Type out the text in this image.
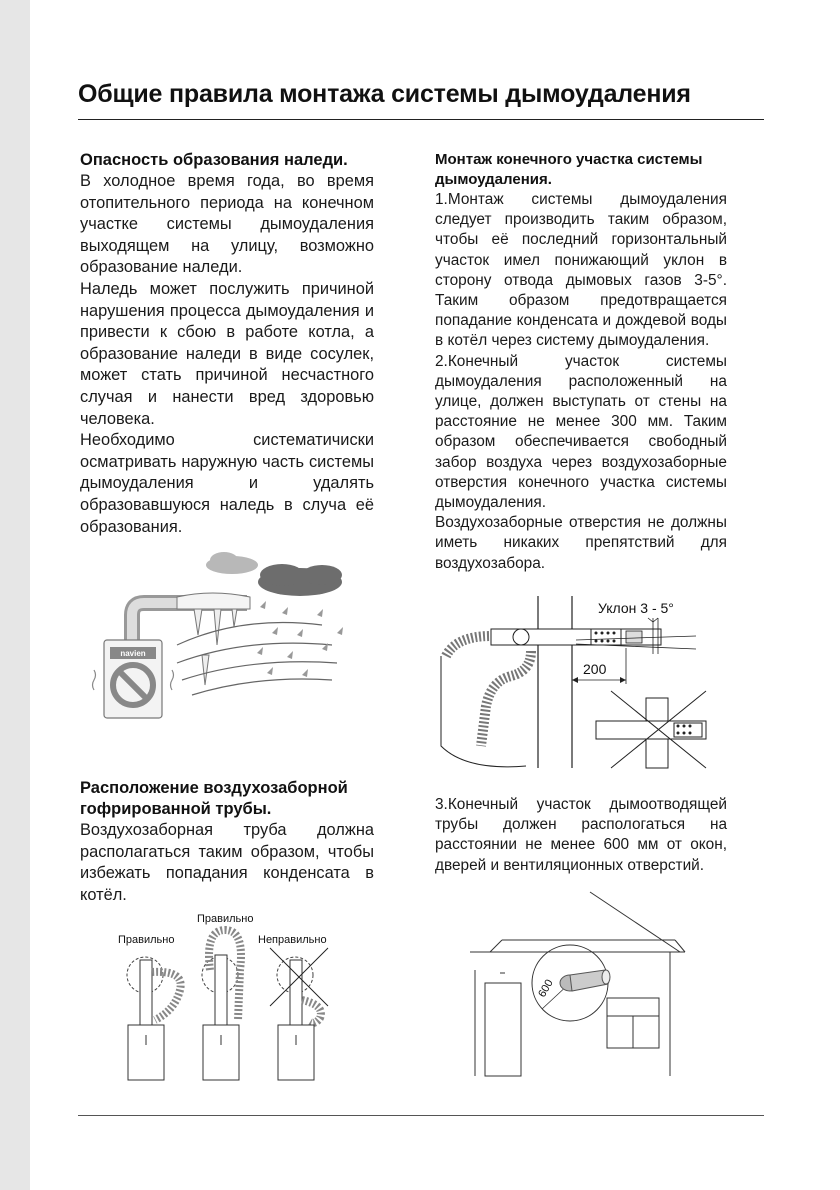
Общие правила монтажа системы дымоудаления
Опасность образования наледи.

В холодное время года, во время отопительного периода на конечном участке системы дымоудаления выходящем на улицу, возможно образование наледи.

Наледь может послужить причиной нарушения процесса дымоудаления и привести к сбою в работе котла, а образование наледи в виде сосулек, может стать причиной несчастного случая и нанести вред здоровью человека.

Необходимо систематичиски осматривать наружную часть системы дымоудаления и удалять образовавшуюся наледь в случа её образования.

navien
Монтаж конечного участка системы дымоудаления.

1.Монтаж системы дымоудаления следует производить таким образом, чтобы её последний горизонтальный участок имел понижающий уклон в сторону отвода дымовых газов 3-5°. Таким образом предотвращается попадание конденсата и дождевой воды в котёл через систему дымоудаления.

2.Конечный участок системы дымоудаления расположенный на улице, должен выступать от стены на расстояние не менее 300 мм. Таким образом обеспечивается свободный забор воздуха через воздухозаборные отверстия конечного участка системы дымоудаления.

Воздухозаборные отверстия не должны иметь никаких препятствий для воздухозабора.

Уклон 3 - 5°
200
Расположение воздухозаборной гофрированной трубы.

Воздухозаборная труба должна располагаться таким образом, чтобы избежать попадания конденсата в котёл.

Правильно
Правильно
Неправильно

3.Конечный участок дымоотводящей трубы должен распологаться на расстоянии не менее 600 мм от окон, дверей и вентиляционных отверстий.

600
